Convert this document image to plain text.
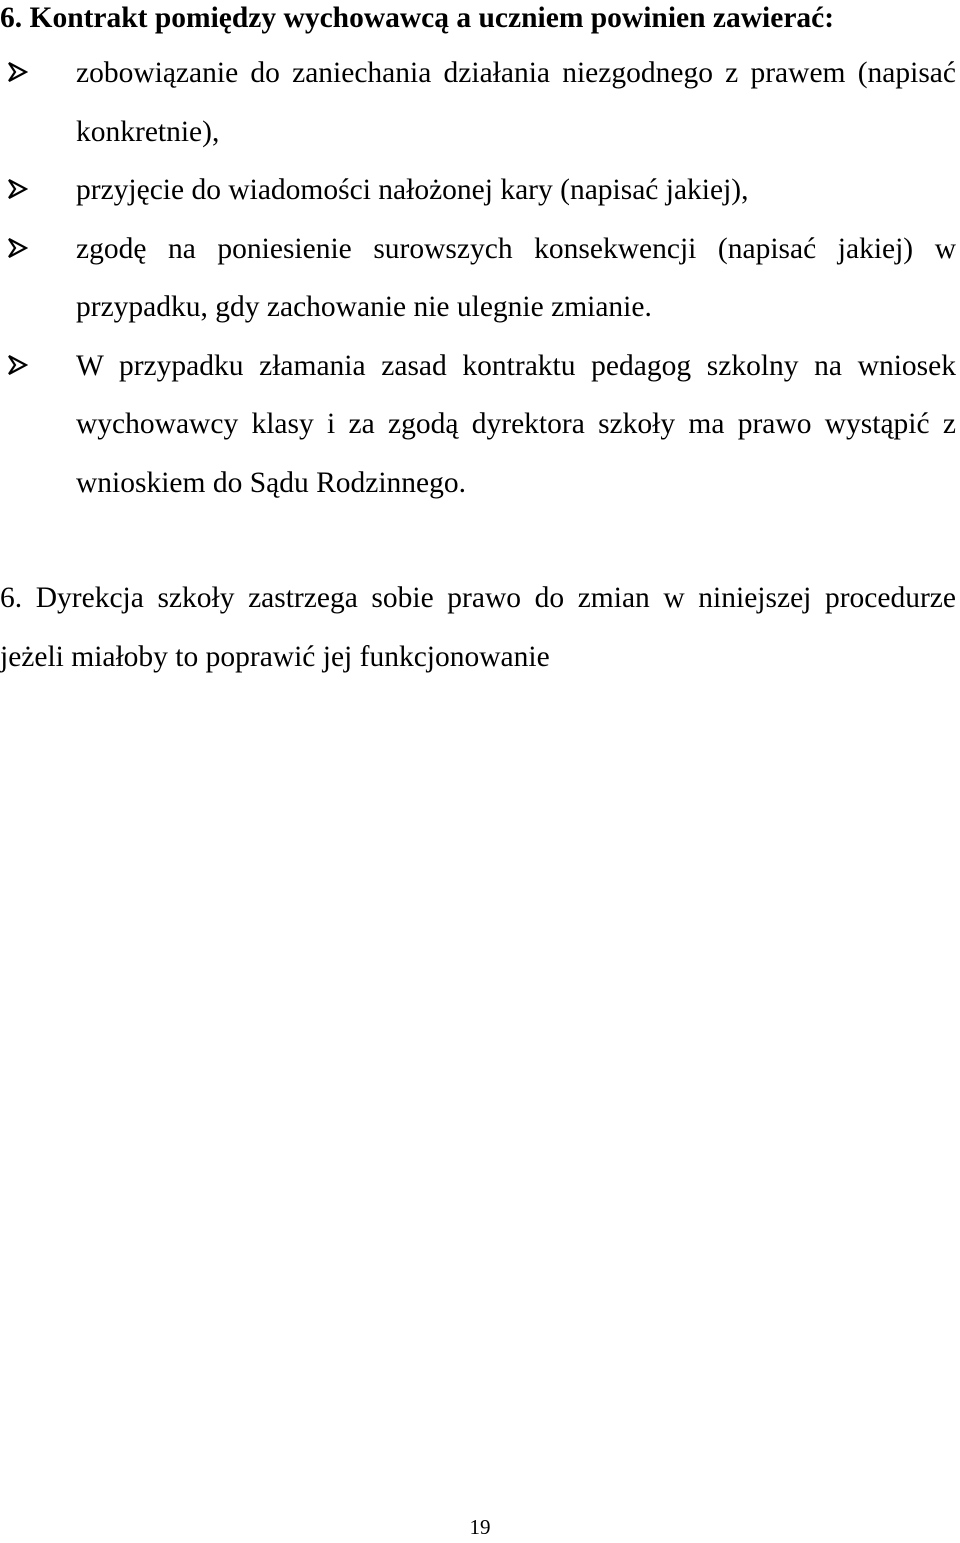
6. Kontrakt pomiędzy wychowawcą a uczniem powinien zawierać:
zobowiązanie do zaniechania działania niezgodnego z prawem (napisać konkretnie),
przyjęcie do wiadomości nałożonej kary (napisać jakiej),
zgodę na poniesienie surowszych konsekwencji (napisać jakiej) w przypadku, gdy zachowanie nie ulegnie zmianie.
W przypadku złamania zasad kontraktu pedagog szkolny na wniosek wychowawcy klasy i za zgodą dyrektora szkoły ma prawo wystąpić z wnioskiem do Sądu Rodzinnego.

6. Dyrekcja szkoły zastrzega sobie prawo do zmian w niniejszej procedurze jeżeli miałoby to poprawić jej funkcjonowanie

19
